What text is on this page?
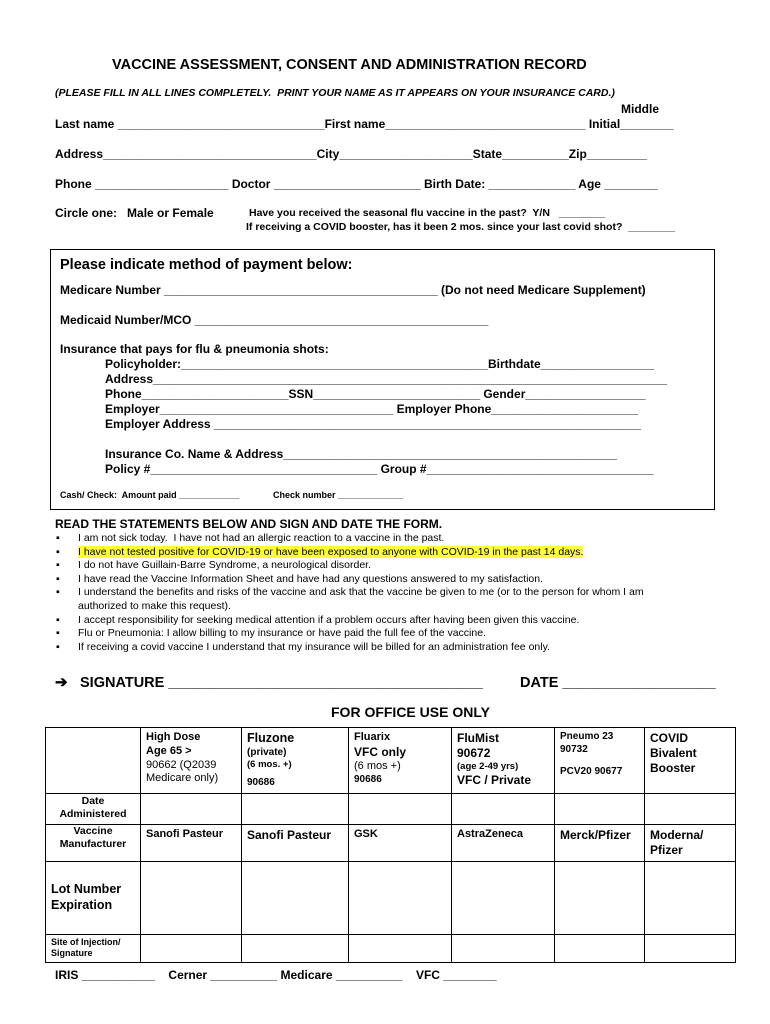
VACCINE ASSESSMENT, CONSENT AND ADMINISTRATION RECORD
(PLEASE FILL IN ALL LINES COMPLETELY.  PRINT YOUR NAME AS IT APPEARS ON YOUR INSURANCE CARD.)
Middle
Last name _______________________________First name______________________________ Initial________
Address________________________________City____________________State__________Zip_________
Phone ____________________ Doctor ______________________ Birth Date: _____________ Age ________
Circle one:   Male or Female	Have you received the seasonal flu vaccine in the past?  Y/N   ________
If receiving a COVID booster, has it been 2 mos. since your last covid shot?  ________
Please indicate method of payment below:
Medicare Number _________________________________________ (Do not need Medicare Supplement)
Medicaid Number/MCO ____________________________________________
Insurance that pays for flu & pneumonia shots:
Policyholder:______________________________________________Birthdate_________________
Address_____________________________________________________________________________
Phone______________________SSN_________________________ Gender__________________
Employer___________________________________ Employer Phone______________________
Employer Address ________________________________________________________________
Insurance Co. Name & Address__________________________________________________
Policy #__________________________________ Group #__________________________________
Cash/ Check:  Amount paid ____________	Check number _____________
READ THE STATEMENTS BELOW AND SIGN AND DATE THE FORM.
▪ I am not sick today.  I have not had an allergic reaction to a vaccine in the past.
▪ I have not tested positive for COVID-19 or have been exposed to anyone with COVID-19 in the past 14 days.
▪ I do not have Guillain-Barre Syndrome, a neurological disorder.
▪ I have read the Vaccine Information Sheet and have had any questions answered to my satisfaction.
▪ I understand the benefits and risks of the vaccine and ask that the vaccine be given to me (or to the person for whom I am
authorized to make this request).
▪ I accept responsibility for seeking medical attention if a problem occurs after having been given this vaccine.
▪ Flu or Pneumonia: I allow billing to my insurance or have paid the full fee of the vaccine.
▪ If receiving a covid vaccine I understand that my insurance will be billed for an administration fee only.
➔ SIGNATURE _______________________________________	DATE ___________________
FOR OFFICE USE ONLY

	High Dose
Age 65 >
90662 (Q2039
Medicare only)	Fluzone
(private)
(6 mos. +)
90686	Fluarix
VFC only
(6 mos +)
90686	FluMist
90672
(age 2-49 yrs)
VFC / Private	Pneumo 23
90732
PCV20 90677	COVID
Bivalent
Booster

Date
Administered						
Vaccine
Manufacturer	Sanofi Pasteur	Sanofi Pasteur	GSK	AstraZeneca	Merck/Pfizer	Moderna/
Pfizer
Lot Number
Expiration						
Site of Injection/
Signature						
IRIS ___________    Cerner __________ Medicare __________    VFC ________
